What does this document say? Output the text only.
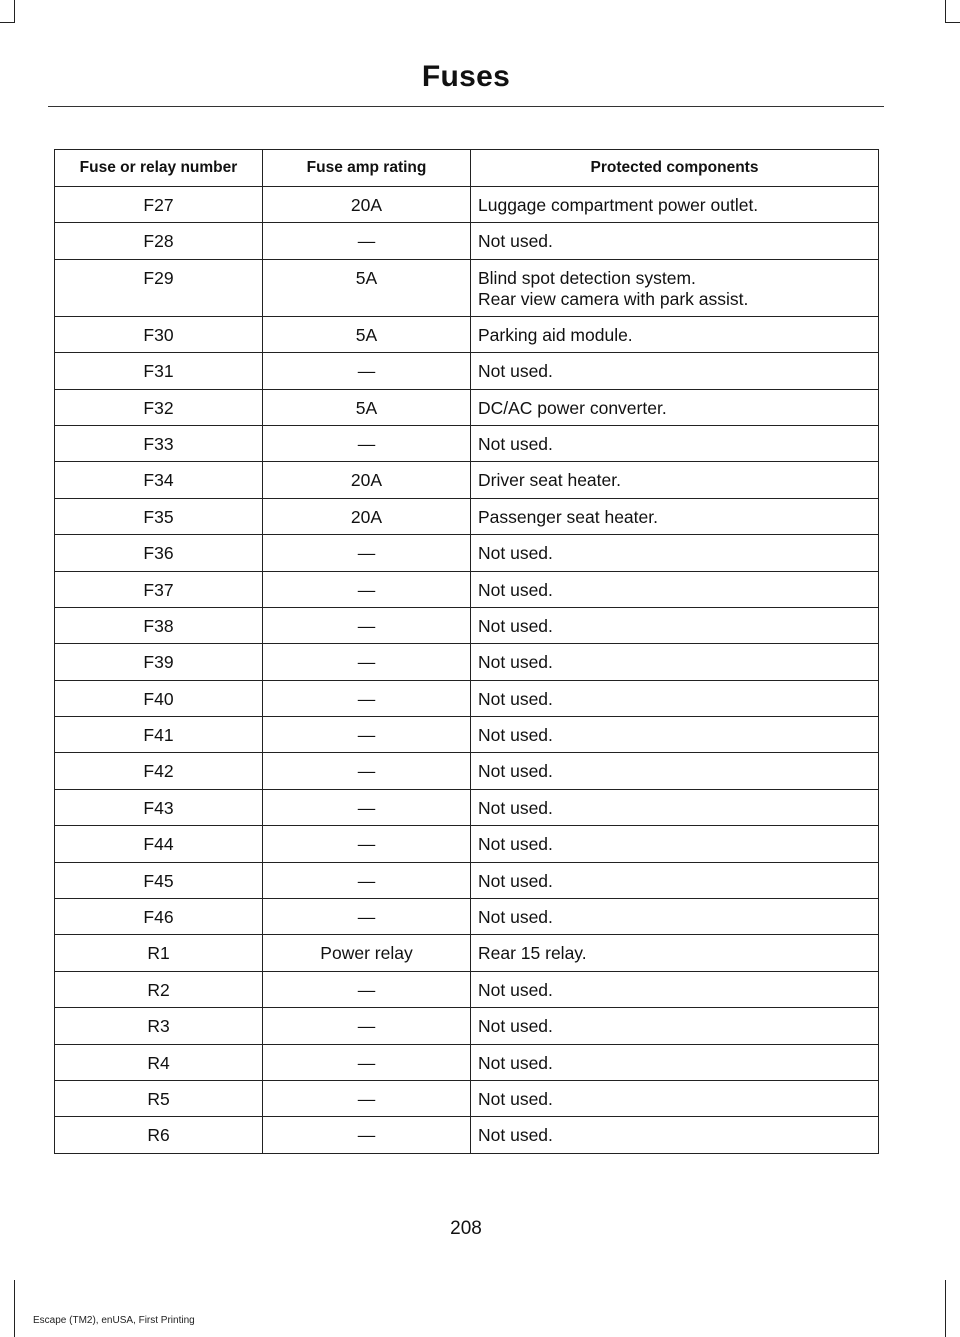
Fuses
Fuse or relay number	Fuse amp rating	Protected components
F27	20A	Luggage compartment power outlet.

F28	—	Not used.

F29	5A	Blind spot detection system.
Rear view camera with park assist.

F30	5A	Parking aid module.

F31	—	Not used.

F32	5A	DC/AC power converter.

F33	—	Not used.

F34	20A	Driver seat heater.

F35	20A	Passenger seat heater.

F36	—	Not used.

F37	—	Not used.

F38	—	Not used.

F39	—	Not used.

F40	—	Not used.

F41	—	Not used.

F42	—	Not used.

F43	—	Not used.

F44	—	Not used.

F45	—	Not used.

F46	—	Not used.

R1	Power relay	Rear 15 relay.

R2	—	Not used.

R3	—	Not used.

R4	—	Not used.

R5	—	Not used.

R6	—	Not used.
208
Escape (TM2), enUSA, First Printing
